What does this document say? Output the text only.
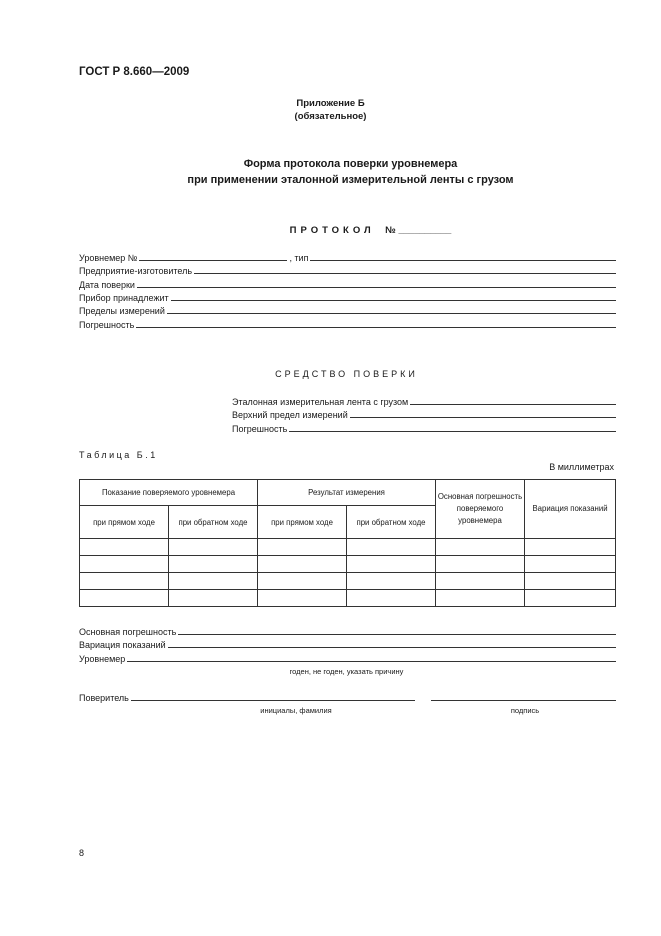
ГОСТ Р 8.660—2009
Приложение Б
(обязательное)
Форма протокола поверки уровнемера
при применении эталонной измерительной ленты с грузом
ПРОТОКОЛ № __________
Уровнемер №	, тип
Предприятие-изготовитель
Дата поверки
Прибор принадлежит
Пределы измерений
Погрешность
СРЕДСТВО ПОВЕРКИ
Эталонная измерительная лента с грузом
Верхний предел измерений
Погрешность
Таблица Б.1
В миллиметрах
Показание поверяемого уровнемера		Результат измерения		Основная погрешность поверяемого уровнемера	Вариация показаний
при прямом ходе	при обратном ходе	при прямом ходе	при обратном ходе		

Основная погрешность
Вариация показаний
Уровнемер
годен, не годен, указать причину
Поверитель
инициалы, фамилия	подпись
8
